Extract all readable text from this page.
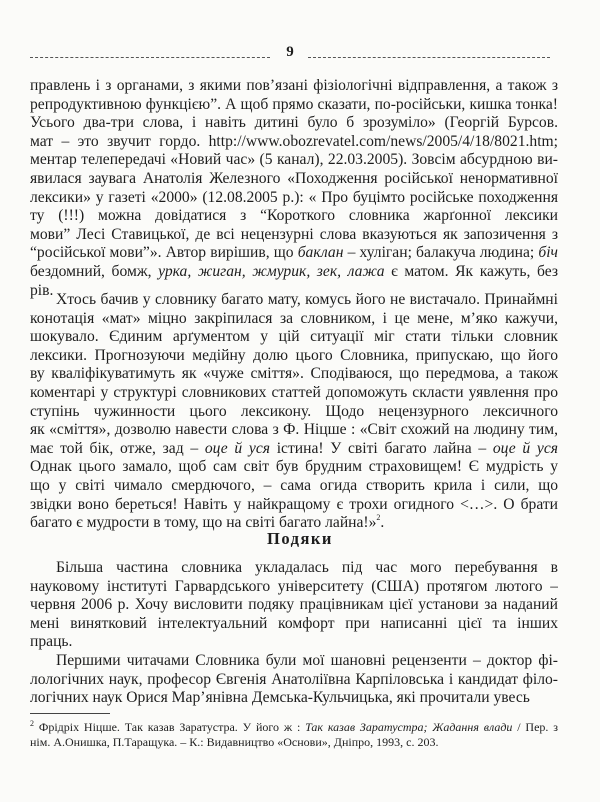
9
правлень і з органами, з якими пов’язані фізіологічні відправлення, а також з
репродуктивною функцією”. А щоб прямо сказати, по-російськи, кишка тонка!
Усього два-три слова, і навіть дитині було б зрозуміло» (Георгій Бурсов.
мат – это звучит гордо. http://www.obozrevatel.com/news/2005/4/18/8021.htm;
ментар телепередачі «Новий час» (5 канал), 22.03.2005). Зовсім абсурдною ви-
явилася заувага Анатолія Железного «Походження російської ненормативної
лексики» у газеті «2000» (12.08.2005 р.): « Про буцімто російське походження
ту (!!!) можна довідатися з “Короткого словника жарґонної лексики
мови” Лесі Ставицької, де всі нецензурні слова вказуються як запозичення з
“російської мови”». Автор вирішив, що баклан – хуліган; балакуча людина; біч
бездомний, бомж, урка, жиган, жмурик, зек, лажа є матом. Як кажуть, без
рів.
Хтось бачив у словнику багато мату, комусь його не вистачало. Принаймні
конотація «мат» міцно закріпилася за словником, і це мене, м’яко кажучи,
шокувало. Єдиним арґументом у цій ситуації міг стати тільки словник
лексики. Прогнозуючи медійну долю цього Словника, припускаю, що його
ву кваліфікуватимуть як «чуже сміття». Сподіваюся, що передмова, а також
коментарі у структурі словникових статтей допоможуть скласти уявлення про
ступінь чужинности цього лексикону. Щодо нецензурного лексичного
як «сміття», дозволю навести слова з Ф. Ніцше : «Світ схожий на людину тим,
має той бік, отже, зад – оце й уся істина! У світі багато лайна – оце й уся
Однак цього замало, щоб сам світ був брудним страховищем! Є мудрість у
що у світі чимало смердючого, – сама огида створить крила і сили, що
звідки воно береться! Навіть у найкращому є трохи огидного <…>. О брати
багато є мудрости в тому, що на світі багато лайна!»$^2$.
Подяки
Більша частина словника укладалась під час мого перебування в
науковому інституті Гарвардського університету (США) протягом лютого –
червня 2006 р. Хочу висловити подяку працівникам цієї установи за наданий
мені винятковий інтелектуальний комфорт при написанні цієї та інших
праць.
Першими читачами Словника були мої шановні рецензенти – доктор фі-
лологічних наук, професор Євгенія Анатоліївна Карпіловська і кандидат філо-
логічних наук Орися Мар’янівна Демська-Кульчицька, які прочитали увесь
$^2$ Фрідріх Ніцше. Так казав Заратустра. У його ж : Так казав Заратустра; Жадання влади / Пер. з
нім. А.Онишка, П.Таращука. – К.: Видавництво «Основи», Дніпро, 1993, с. 203.
